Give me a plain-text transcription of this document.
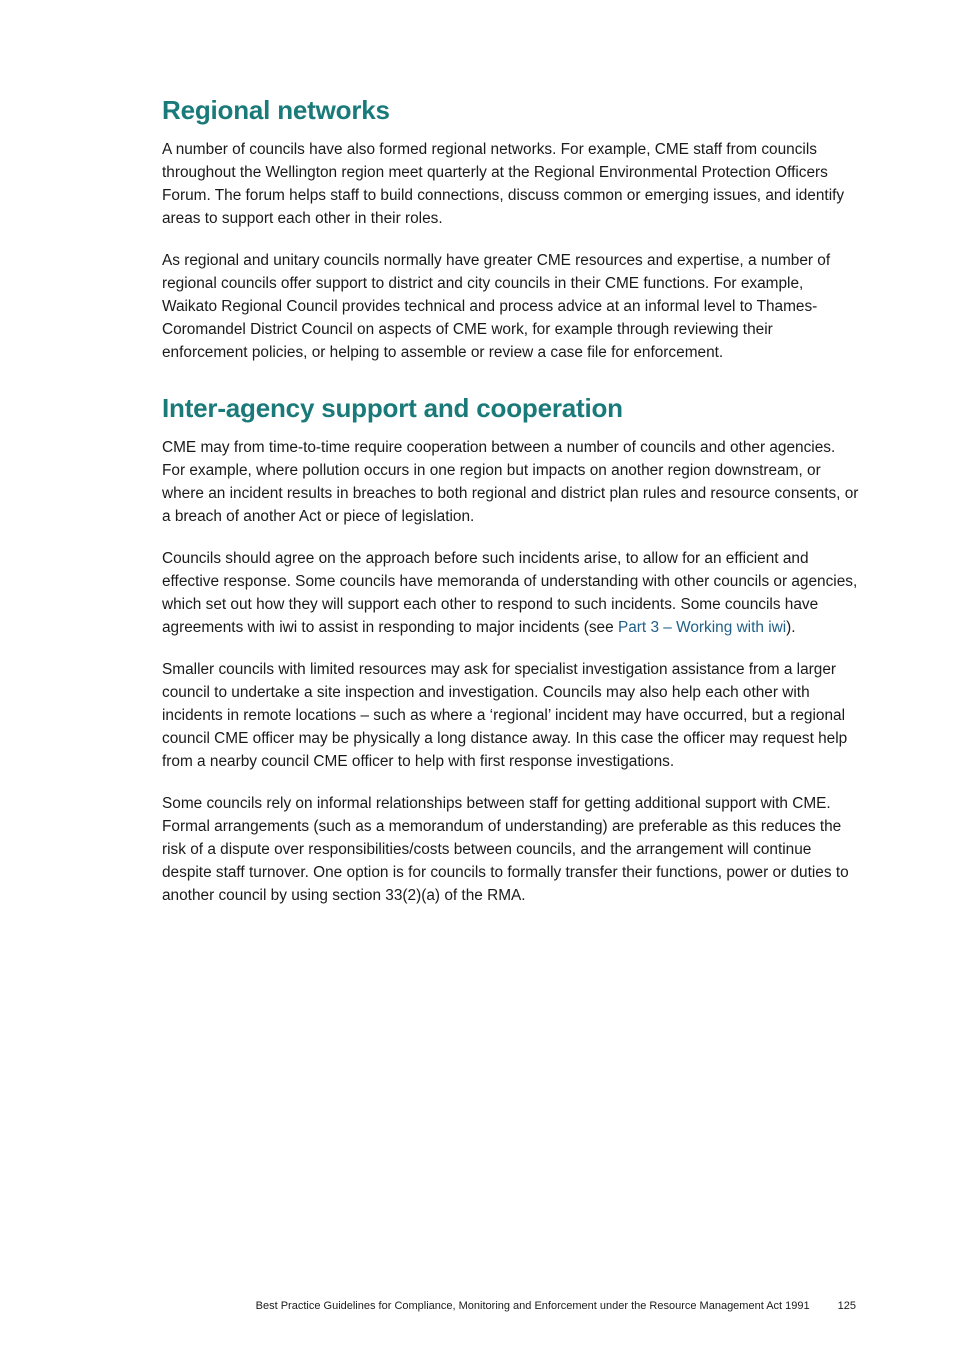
Regional networks

A number of councils have also formed regional networks. For example, CME staff from councils throughout the Wellington region meet quarterly at the Regional Environmental Protection Officers Forum. The forum helps staff to build connections, discuss common or emerging issues, and identify areas to support each other in their roles.

As regional and unitary councils normally have greater CME resources and expertise, a number of regional councils offer support to district and city councils in their CME functions. For example, Waikato Regional Council provides technical and process advice at an informal level to Thames-Coromandel District Council on aspects of CME work, for example through reviewing their enforcement policies, or helping to assemble or review a case file for enforcement.

Inter-agency support and cooperation

CME may from time-to-time require cooperation between a number of councils and other agencies. For example, where pollution occurs in one region but impacts on another region downstream, or where an incident results in breaches to both regional and district plan rules and resource consents, or a breach of another Act or piece of legislation.

Councils should agree on the approach before such incidents arise, to allow for an efficient and effective response. Some councils have memoranda of understanding with other councils or agencies, which set out how they will support each other to respond to such incidents. Some councils have agreements with iwi to assist in responding to major incidents (see Part 3 – Working with iwi).

Smaller councils with limited resources may ask for specialist investigation assistance from a larger council to undertake a site inspection and investigation. Councils may also help each other with incidents in remote locations – such as where a ‘regional’ incident may have occurred, but a regional council CME officer may be physically a long distance away. In this case the officer may request help from a nearby council CME officer to help with first response investigations.

Some councils rely on informal relationships between staff for getting additional support with CME. Formal arrangements (such as a memorandum of understanding) are preferable as this reduces the risk of a dispute over responsibilities/costs between councils, and the arrangement will continue despite staff turnover. One option is for councils to formally transfer their functions, power or duties to another council by using section 33(2)(a) of the RMA.

Best Practice Guidelines for Compliance, Monitoring and Enforcement under the Resource Management Act 1991	125
